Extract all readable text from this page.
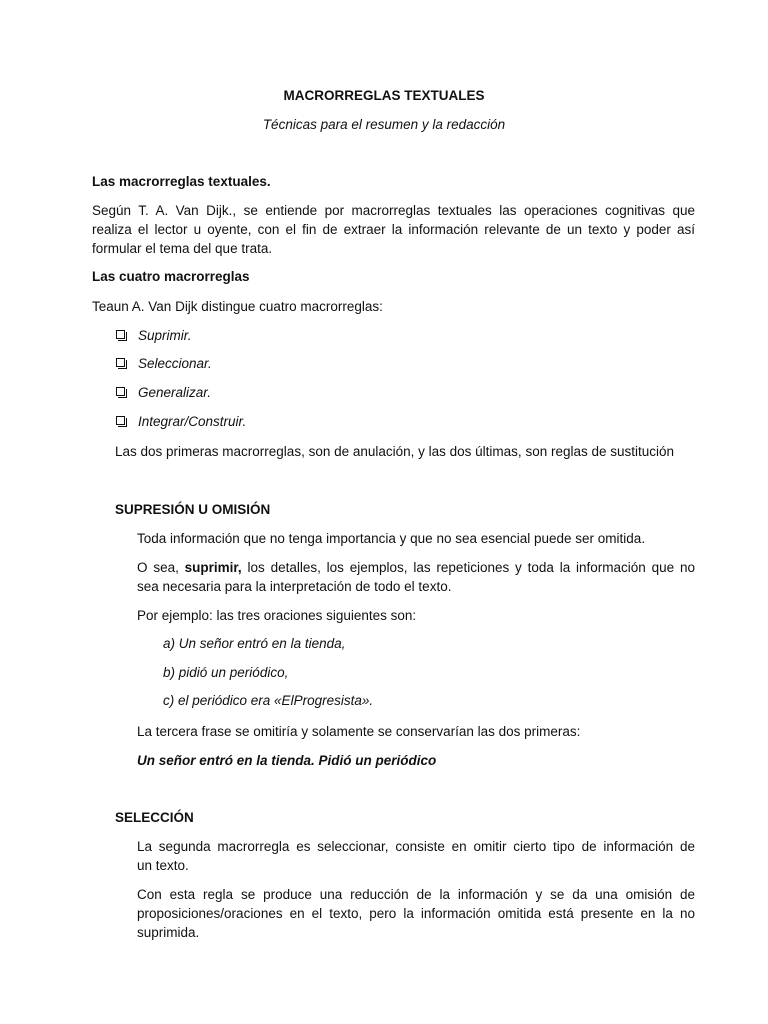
MACRORREGLAS TEXTUALES
Técnicas para el resumen y la redacción
Las macrorreglas textuales.
Según T. A. Van Dijk., se entiende por macrorreglas textuales las operaciones cognitivas que
realiza el lector u oyente, con el fin de extraer la información relevante de un texto y poder así
formular el tema del que trata.
Las cuatro macrorreglas
Teaun A. Van Dijk distingue cuatro macrorreglas:
Suprimir.
Seleccionar.
Generalizar.
Integrar/Construir.
Las dos primeras macrorreglas, son de anulación, y las dos últimas, son reglas de sustitución
SUPRESIÓN U OMISIÓN
Toda información que no tenga importancia y que no sea esencial puede ser omitida.
O sea, suprimir, los detalles, los ejemplos, las repeticiones y toda la información que no
sea necesaria para la interpretación de todo el texto.
Por ejemplo: las tres oraciones siguientes son:
a) Un señor entró en la tienda,
b) pidió un periódico,
c) el periódico era «ElProgresista».
La tercera frase se omitiría y solamente se conservarían las dos primeras:
Un señor entró en la tienda. Pidió un periódico
SELECCIÓN
La segunda macrorregla es seleccionar, consiste en omitir cierto tipo de información de
un texto.
Con esta regla se produce una reducción de la información y se da una omisión de
proposiciones/oraciones en el texto, pero la información omitida está presente en la no
suprimida.
